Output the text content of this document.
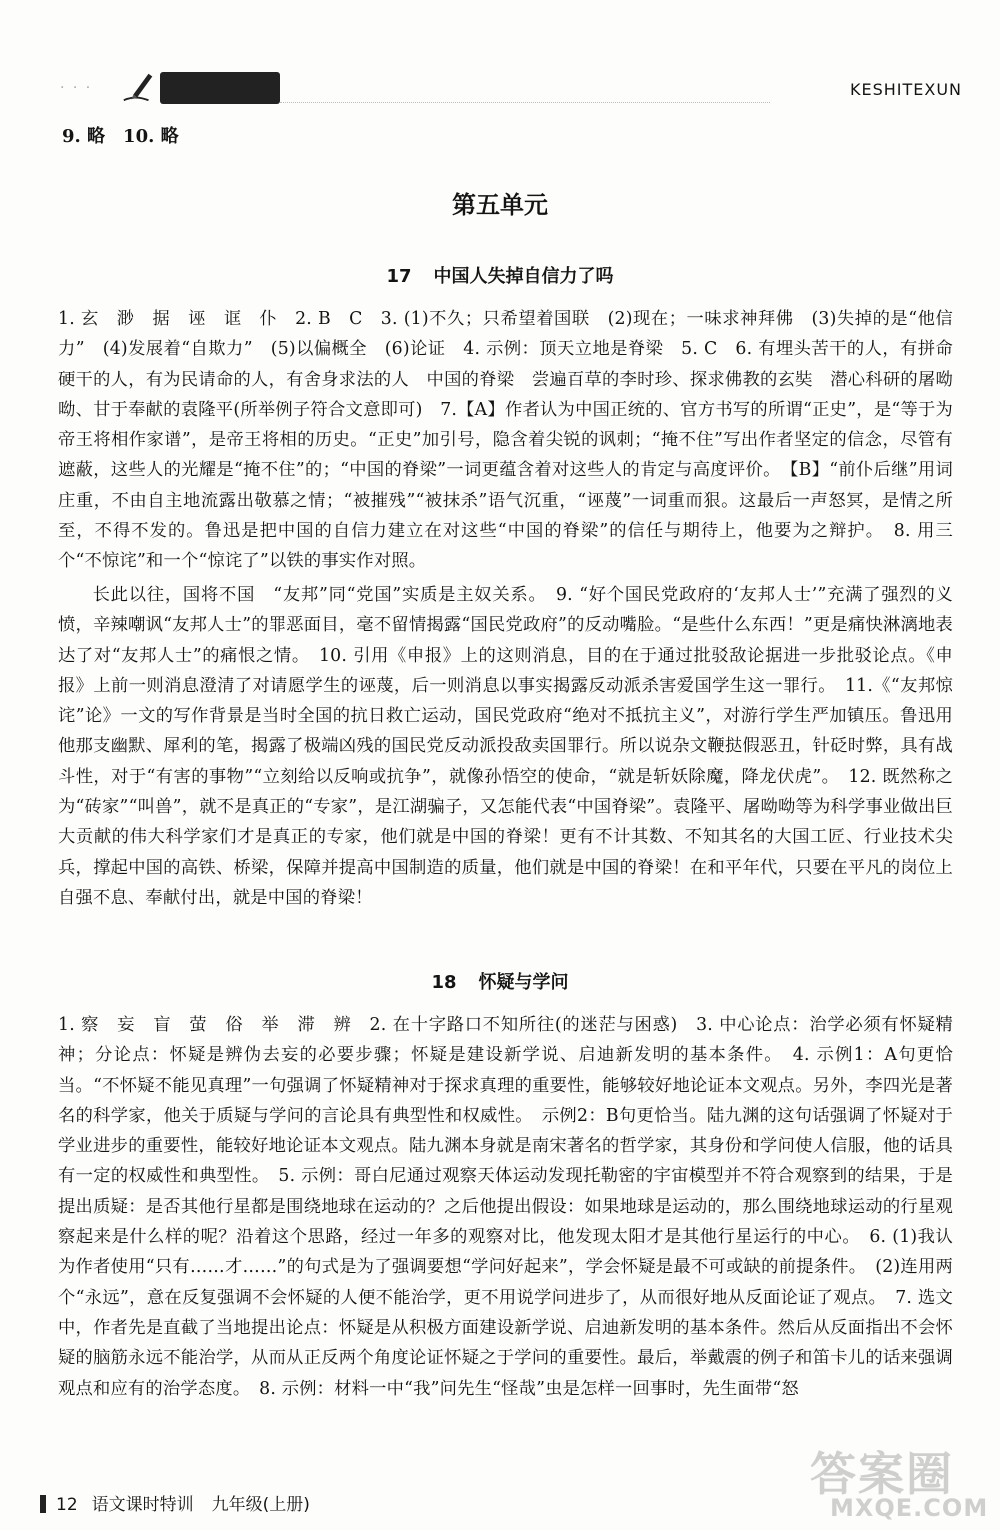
· · ·	课时特训	KESHITEXUN
9. 略　10. 略
第五单元
17 中国人失掉自信力了吗

1. 玄　渺　据　诬　诓　仆　2. B　C　3. (1)不久；只希望着国联　(2)现在；一味求神拜佛　(3)失掉的是“他信力”　(4)发展着“自欺力”　(5)以偏概全　(6)论证　4. 示例：顶天立地是脊梁　5. C　6. 有埋头苦干的人，有拼命硬干的人，有为民请命的人，有舍身求法的人　中国的脊梁　尝遍百草的李时珍、探求佛教的玄奘　潜心科研的屠呦呦、甘于奉献的袁隆平(所举例子符合文意即可)　7.【A】作者认为中国正统的、官方书写的所谓“正史”，是“等于为帝王将相作家谱”，是帝王将相的历史。“正史”加引号，隐含着尖锐的讽刺；“掩不住”写出作者坚定的信念，尽管有遮蔽，这些人的光耀是“掩不住”的；“中国的脊梁”一词更蕴含着对这些人的肯定与高度评价。　【B】“前仆后继”用词庄重，不由自主地流露出敬慕之情；“被摧残”“被抹杀”语气沉重，“诬蔑”一词重而狠。这最后一声怒冥，是情之所至，不得不发的。鲁迅是把中国的自信力建立在对这些“中国的脊梁”的信任与期待上，他要为之辩护。　8. 用三个“不惊诧”和一个“惊诧了”以铁的事实作对照。

长此以往，国将不国　“友邦”同“党国”实质是主奴关系。　9. “好个国民党政府的‘友邦人士’”充满了强烈的义愤，辛辣嘲讽“友邦人士”的罪恶面目，毫不留情揭露“国民党政府”的反动嘴脸。“是些什么东西！”更是痛快淋漓地表达了对“友邦人士”的痛恨之情。　10. 引用《申报》上的这则消息，目的在于通过批驳敌论据进一步批驳论点。《申报》上前一则消息澄清了对请愿学生的诬蔑，后一则消息以事实揭露反动派杀害爱国学生这一罪行。　11.《“友邦惊诧”论》一文的写作背景是当时全国的抗日救亡运动，国民党政府“绝对不抵抗主义”，对游行学生严加镇压。鲁迅用他那支幽默、犀利的笔，揭露了极端凶残的国民党反动派投敌卖国罪行。所以说杂文鞭挞假恶丑，针砭时弊，具有战斗性，对于“有害的事物”“立刻给以反响或抗争”，就像孙悟空的使命，“就是斩妖除魔，降龙伏虎”。　12. 既然称之为“砖家”“叫兽”，就不是真正的“专家”，是江湖骗子，又怎能代表“中国脊梁”。袁隆平、屠呦呦等为科学事业做出巨大贡献的伟大科学家们才是真正的专家，他们就是中国的脊梁！更有不计其数、不知其名的大国工匠、行业技术尖兵，撑起中国的高铁、桥梁，保障并提高中国制造的质量，他们就是中国的脊梁！在和平年代，只要在平凡的岗位上自强不息、奉献付出，就是中国的脊梁！

18 怀疑与学问

1. 察　妄　盲　萤　俗　举　滞　辨　2. 在十字路口不知所往(的迷茫与困惑)　3. 中心论点：治学必须有怀疑精神；分论点：怀疑是辨伪去妄的必要步骤；怀疑是建设新学说、启迪新发明的基本条件。　4. 示例1：A句更恰当。“不怀疑不能见真理”一句强调了怀疑精神对于探求真理的重要性，能够较好地论证本文观点。另外，李四光是著名的科学家，他关于质疑与学问的言论具有典型性和权威性。　示例2：B句更恰当。陆九渊的这句话强调了怀疑对于学业进步的重要性，能较好地论证本文观点。陆九渊本身就是南宋著名的哲学家，其身份和学问使人信服，他的话具有一定的权威性和典型性。　5. 示例：哥白尼通过观察天体运动发现托勒密的宇宙模型并不符合观察到的结果，于是提出质疑：是否其他行星都是围绕地球在运动的？之后他提出假设：如果地球是运动的，那么围绕地球运动的行星观察起来是什么样的呢？沿着这个思路，经过一年多的观察对比，他发现太阳才是其他行星运行的中心。　6. (1)我认为作者使用“只有……才……”的句式是为了强调要想“学问好起来”，学会怀疑是最不可或缺的前提条件。　(2)连用两个“永远”，意在反复强调不会怀疑的人便不能治学，更不用说学问进步了，从而很好地从反面论证了观点。　7. 选文中，作者先是直截了当地提出论点：怀疑是从积极方面建设新学说、启迪新发明的基本条件。然后从反面指出不会怀疑的脑筋永远不能治学，从而从正反两个角度论证怀疑之于学问的重要性。最后，举戴震的例子和笛卡儿的话来强调观点和应有的治学态度。　8. 示例：材料一中“我”问先生“怪哉”虫是怎样一回事时，先生面带“怒

12 语文课时特训 九年级(上册)
答案圈
MXQE.COM
